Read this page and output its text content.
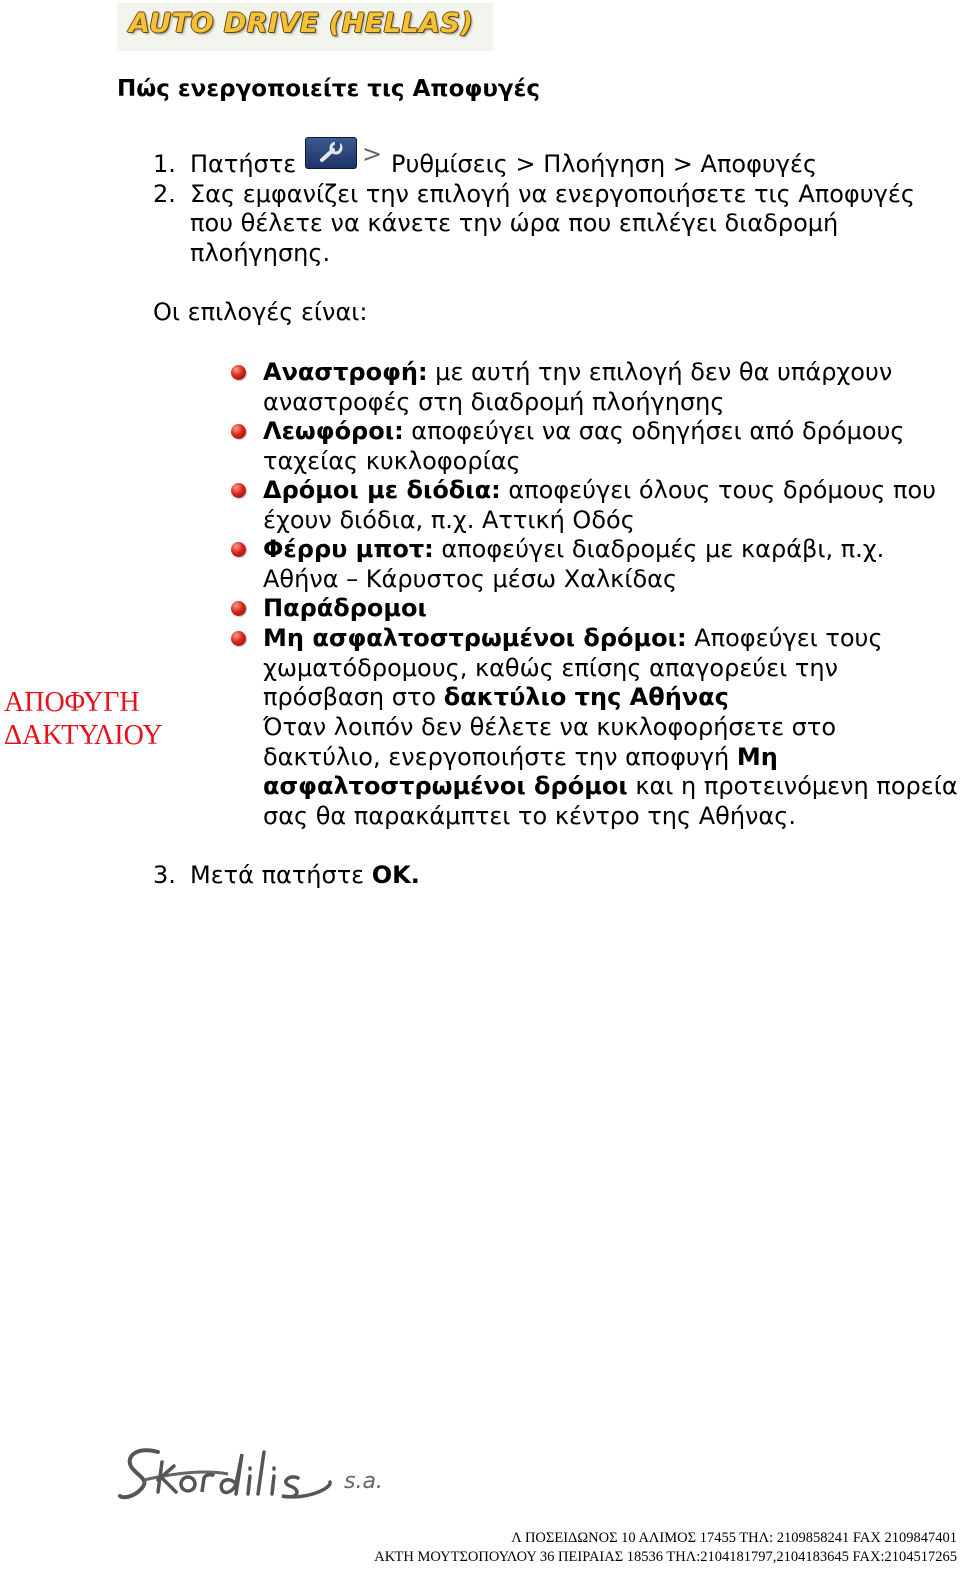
AUTO DRIVE (HELLAS)
Πώς ενεργοποιείτε τις Αποφυγές
1. Πατήστε	> Ρυθμίσεις > Πλοήγηση > Αποφυγές
2. Σας εμφανίζει την επιλογή να ενεργοποιήσετε τις Αποφυγές
που θέλετε να κάνετε την ώρα που επιλέγει διαδρομή
πλοήγησης.
Οι επιλογές είναι:
Αναστροφή: με αυτή την επιλογή δεν θα υπάρχουν
αναστροφές στη διαδρομή πλοήγησης
Λεωφόροι: αποφεύγει να σας οδηγήσει από δρόμους
ταχείας κυκλοφορίας
Δρόμοι με διόδια: αποφεύγει όλους τους δρόμους που
έχουν διόδια, π.χ. Αττική Οδός
Φέρρυ μποτ: αποφεύγει διαδρομές με καράβι, π.χ.
Αθήνα – Κάρυστος μέσω Χαλκίδας
Παράδρομοι
Μη ασφαλτοστρωμένοι δρόμοι: Αποφεύγει τους
χωματόδρομους, καθώς επίσης απαγορεύει την
πρόσβαση στο δακτύλιο της Αθήνας
Όταν λοιπόν δεν θέλετε να κυκλοφορήσετε στο
δακτύλιο, ενεργοποιήστε την αποφυγή Μη
ασφαλτοστρωμένοι δρόμοι και η προτεινόμενη πορεία
σας θα παρακάμπτει το κέντρο της Αθήνας.
ΑΠΟΦΥΓΗ
ΔΑΚΤΥΛΙΟΥ
3. Μετά πατήστε OK.
s.a.
Λ ΠΟΣΕΙΔΩΝΟΣ 10 ΑΛΙΜΟΣ 17455 ΤΗΛ: 2109858241 FAX 2109847401
ΑΚΤΗ ΜΟΥΤΣΟΠΟΥΛΟΥ 36 ΠΕΙΡΑΙΑΣ 18536 ΤΗΛ:2104181797,2104183645 FAX:2104517265
